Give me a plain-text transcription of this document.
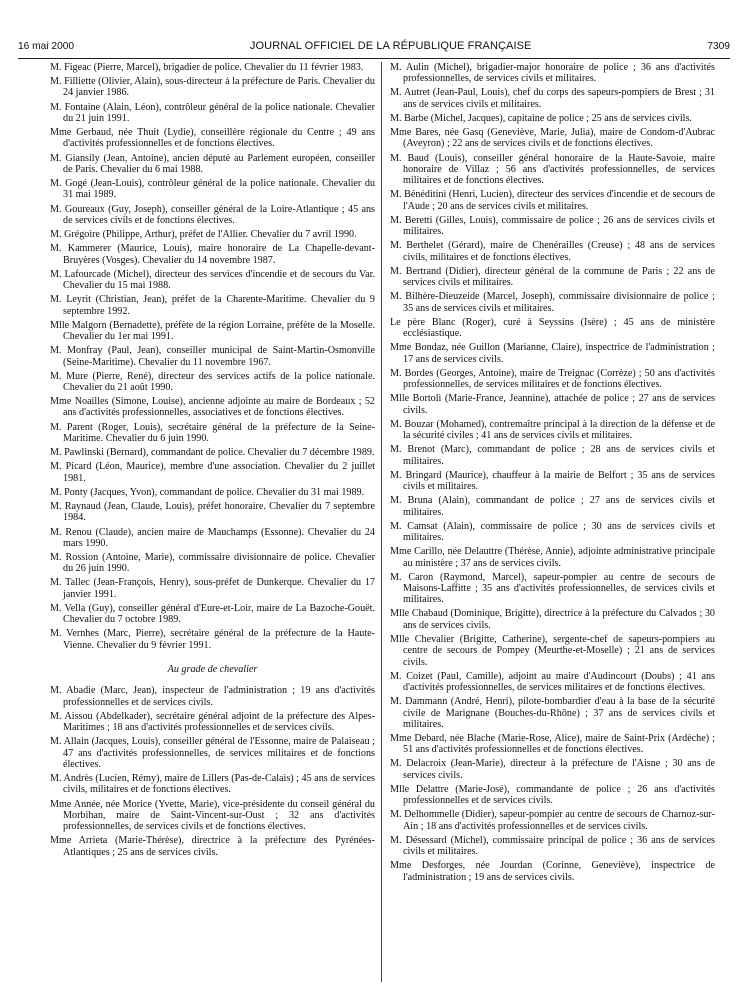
16 mai 2000	JOURNAL OFFICIEL DE LA RÉPUBLIQUE FRANÇAISE	7309

M. Figeac (Pierre, Marcel), brigadier de police. Chevalier du 11 février 1983.

M. Filliette (Olivier, Alain), sous-directeur à la préfecture de Paris. Chevalier du 24 janvier 1986.

M. Fontaine (Alain, Léon), contrôleur général de la police nationale. Chevalier du 21 juin 1991.

Mme Gerbaud, née Thuit (Lydie), conseillère régionale du Centre ; 49 ans d'activités professionnelles et de fonctions électives.

M. Giansily (Jean, Antoine), ancien député au Parlement européen, conseiller de Paris. Chevalier du 6 mai 1988.

M. Gogé (Jean-Louis), contrôleur général de la police nationale. Chevalier du 31 mai 1989.

M. Goureaux (Guy, Joseph), conseiller général de la Loire-Atlantique ; 45 ans de services civils et de fonctions électives.

M. Grégoire (Philippe, Arthur), préfet de l'Allier. Chevalier du 7 avril 1990.

M. Kammerer (Maurice, Louis), maire honoraire de La Chapelle-devant-Bruyères (Vosges). Chevalier du 14 novembre 1987.

M. Lafourcade (Michel), directeur des services d'incendie et de secours du Var. Chevalier du 15 mai 1988.

M. Leyrit (Christian, Jean), préfet de la Charente-Maritime. Chevalier du 9 septembre 1992.

Mlle Malgorn (Bernadette), préfète de la région Lorraine, préfète de la Moselle. Chevalier du 1er mai 1991.

M. Monfray (Paul, Jean), conseiller municipal de Saint-Martin-Osmonville (Seine-Maritime). Chevalier du 11 novembre 1967.

M. Mure (Pierre, René), directeur des services actifs de la police nationale. Chevalier du 21 août 1990.

Mme Noailles (Simone, Louise), ancienne adjointe au maire de Bordeaux ; 52 ans d'activités professionnelles, associatives et de fonctions électives.

M. Parent (Roger, Louis), secrétaire général de la préfecture de la Seine-Maritime. Chevalier du 6 juin 1990.

M. Pawlinski (Bernard), commandant de police. Chevalier du 7 décembre 1989.

M. Picard (Léon, Maurice), membre d'une association. Chevalier du 2 juillet 1981.

M. Ponty (Jacques, Yvon), commandant de police. Chevalier du 31 mai 1989.

M. Raynaud (Jean, Claude, Louis), préfet honoraire. Chevalier du 7 septembre 1984.

M. Renou (Claude), ancien maire de Mauchamps (Essonne). Chevalier du 24 mars 1990.

M. Rossion (Antoine, Marie), commissaire divisionnaire de police. Chevalier du 26 juin 1990.

M. Tallec (Jean-François, Henry), sous-préfet de Dunkerque. Chevalier du 17 janvier 1991.

M. Vella (Guy), conseiller général d'Eure-et-Loir, maire de La Bazoche-Gouët. Chevalier du 7 octobre 1989.

M. Vernhes (Marc, Pierre), secrétaire général de la préfecture de la Haute-Vienne. Chevalier du 9 février 1991.

Au grade de chevalier

M. Abadie (Marc, Jean), inspecteur de l'administration ; 19 ans d'activités professionnelles et de services civils.

M. Aissou (Abdelkader), secrétaire général adjoint de la préfecture des Alpes-Maritimes ; 18 ans d'activités professionnelles et de services civils.

M. Allain (Jacques, Louis), conseiller général de l'Essonne, maire de Palaiseau ; 47 ans d'activités professionnelles, de services militaires et de fonctions électives.

M. Andrès (Lucien, Rémy), maire de Lillers (Pas-de-Calais) ; 45 ans de services civils, militaires et de fonctions électives.

Mme Année, née Morice (Yvette, Marie), vice-présidente du conseil général du Morbihan, maire de Saint-Vincent-sur-Oust ; 32 ans d'activités professionnelles, de services civils et de fonctions électives.

Mme Arrieta (Marie-Thérèse), directrice à la préfecture des Pyrénées-Atlantiques ; 25 ans de services civils.

M. Aulin (Michel), brigadier-major honoraire de police ; 36 ans d'activités professionnelles, de services civils et militaires.

M. Autret (Jean-Paul, Louis), chef du corps des sapeurs-pompiers de Brest ; 31 ans de services civils et militaires.

M. Barbe (Michel, Jacques), capitaine de police ; 25 ans de services civils.

Mme Bares, née Gasq (Geneviève, Marie, Julia), maire de Condom-d'Aubrac (Aveyron) ; 22 ans de services civils et de fonctions électives.

M. Baud (Louis), conseiller général honoraire de la Haute-Savoie, maire honoraire de Villaz ; 56 ans d'activités professionnelles, de services militaires et de fonctions électives.

M. Bénéditini (Henri, Lucien), directeur des services d'incendie et de secours de l'Aude ; 20 ans de services civils et militaires.

M. Beretti (Gilles, Louis), commissaire de police ; 26 ans de services civils et militaires.

M. Berthelet (Gérard), maire de Chenérailles (Creuse) ; 48 ans de services civils, militaires et de fonctions électives.

M. Bertrand (Didier), directeur général de la commune de Paris ; 22 ans de services civils et militaires.

M. Bilhère-Dieuzeide (Marcel, Joseph), commissaire divisionnaire de police ; 35 ans de services civils et militaires.

Le père Blanc (Roger), curé à Seyssins (Isère) ; 45 ans de ministère ecclésiastique.

Mme Bondaz, née Guillon (Marianne, Claire), inspectrice de l'administration ; 17 ans de services civils.

M. Bordes (Georges, Antoine), maire de Treignac (Corrèze) ; 50 ans d'activités professionnelles, de services militaires et de fonctions électives.

Mlle Bortoli (Marie-France, Jeannine), attachée de police ; 27 ans de services civils.

M. Bouzar (Mohamed), contremaître principal à la direction de la défense et de la sécurité civiles ; 41 ans de services civils et militaires.

M. Brenot (Marc), commandant de police ; 28 ans de services civils et militaires.

M. Bringard (Maurice), chauffeur à la mairie de Belfort ; 35 ans de services civils et militaires.

M. Bruna (Alain), commandant de police ; 27 ans de services civils et militaires.

M. Camsat (Alain), commissaire de police ; 30 ans de services civils et militaires.

Mme Carillo, née Delauttre (Thérèse, Annie), adjointe administrative principale au ministère ; 37 ans de services civils.

M. Caron (Raymond, Marcel), sapeur-pompier au centre de secours de Maisons-Laffitte ; 35 ans d'activités professionnelles, de services civils et militaires.

Mlle Chabaud (Dominique, Brigitte), directrice à la préfecture du Calvados ; 30 ans de services civils.

Mlle Chevalier (Brigitte, Catherine), sergente-chef de sapeurs-pompiers au centre de secours de Pompey (Meurthe-et-Moselle) ; 21 ans de services civils.

M. Coizet (Paul, Camille), adjoint au maire d'Audincourt (Doubs) ; 41 ans d'activités professionnelles, de services militaires et de fonctions électives.

M. Dammann (André, Henri), pilote-bombardier d'eau à la base de la sécurité civile de Marignane (Bouches-du-Rhône) ; 37 ans de services civils et militaires.

Mme Debard, née Blache (Marie-Rose, Alice), maire de Saint-Prix (Ardèche) ; 51 ans d'activités professionnelles et de fonctions électives.

M. Delacroix (Jean-Marie), directeur à la préfecture de l'Aisne ; 30 ans de services civils.

Mlle Delattre (Marie-José), commandante de police ; 26 ans d'activités professionnelles et de services civils.

M. Delhommelle (Didier), sapeur-pompier au centre de secours de Charnoz-sur-Ain ; 18 ans d'activités professionnelles et de services civils.

M. Désessard (Michel), commissaire principal de police ; 36 ans de services civils et militaires.

Mme Desforges, née Jourdan (Corinne, Geneviève), inspectrice de l'administration ; 19 ans de services civils.
